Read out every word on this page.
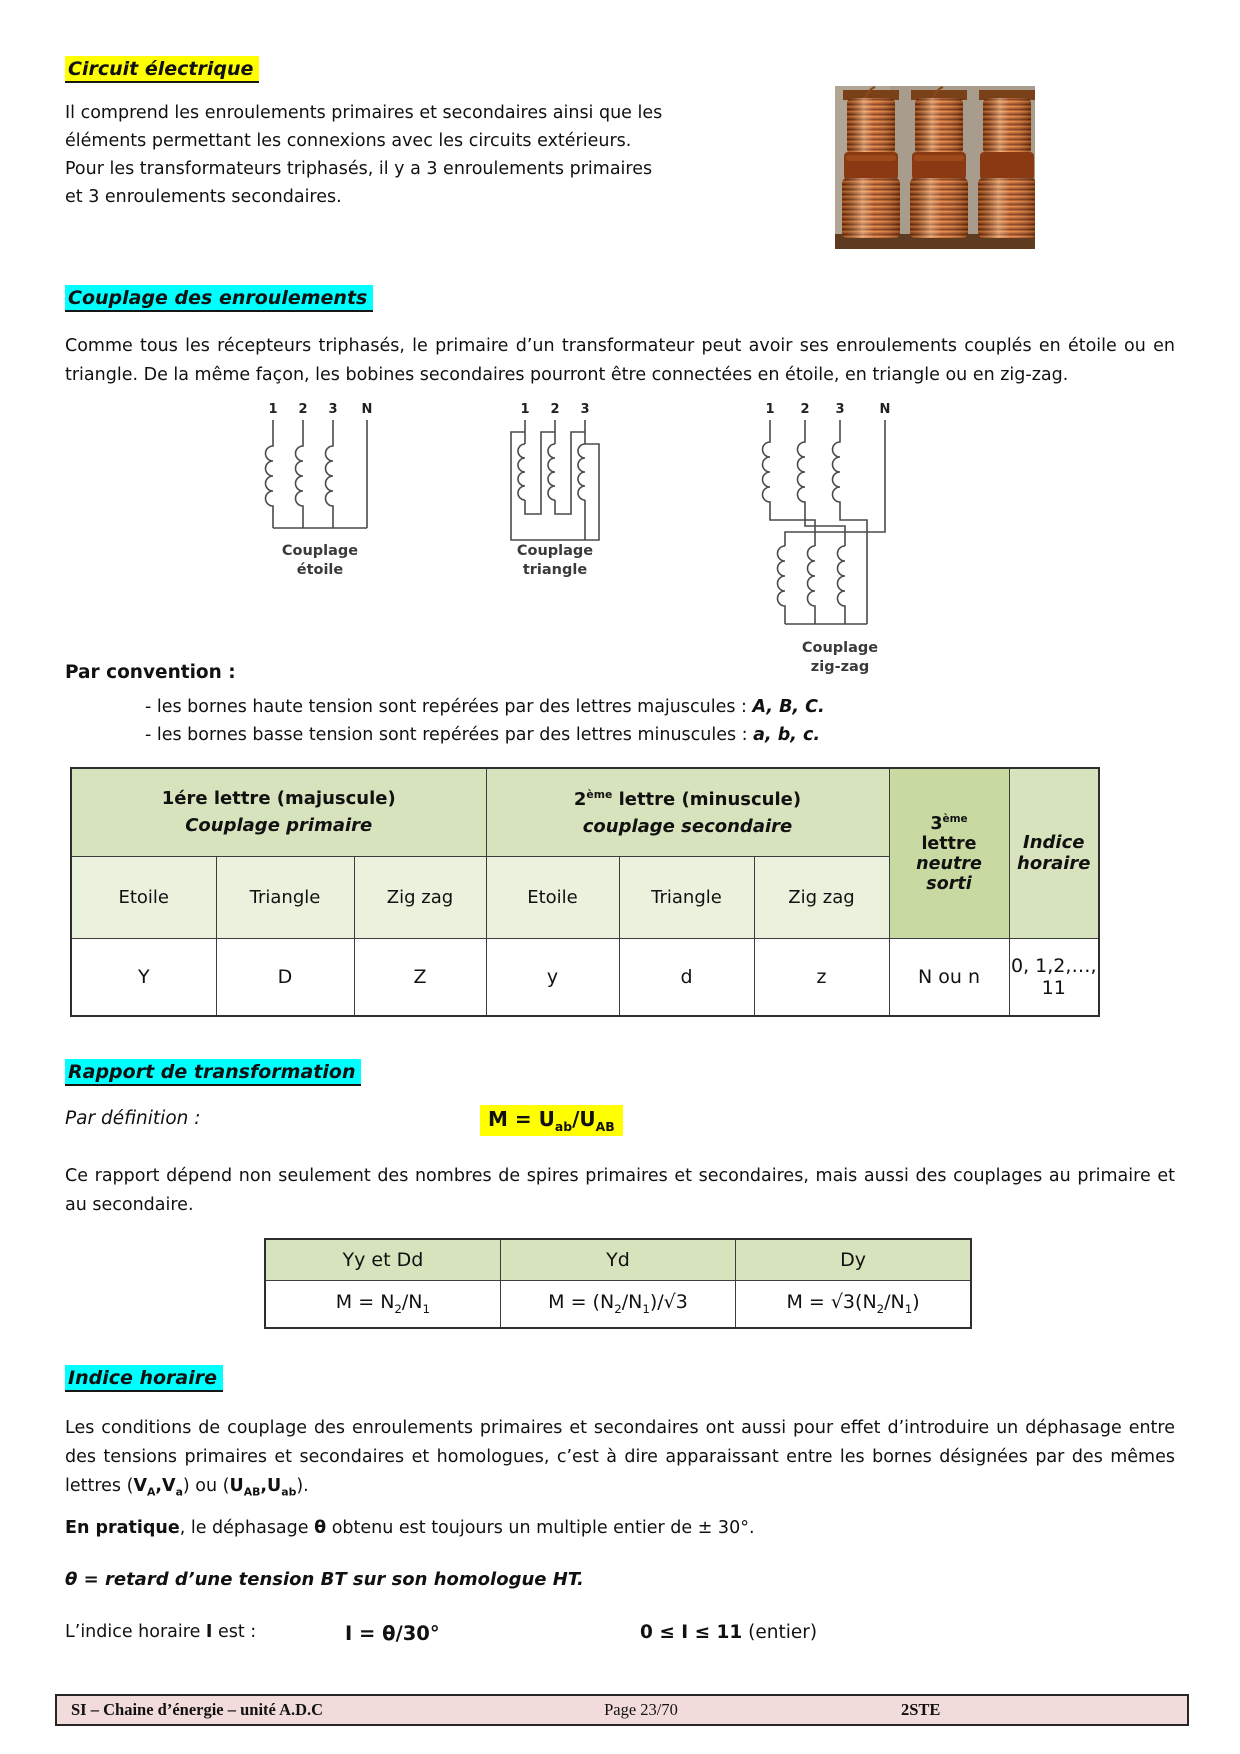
Circuit électrique
Il comprend les enroulements primaires et secondaires ainsi que les
éléments permettant les connexions avec les circuits extérieurs.
Pour les transformateurs triphasés, il y a 3 enroulements primaires
et 3 enroulements secondaires.
Couplage des enroulements
Comme tous les récepteurs triphasés, le primaire d’un transformateur peut avoir ses enroulements couplés en étoile ou en triangle. De la même façon, les bobines secondaires pourront être connectées en étoile, en triangle ou en zig-zag.
1 2 3 N
Couplage
étoile
1 2 3
Couplage
triangle
1 2 3	N
Couplage
zig-zag
Par convention :
- les bornes haute tension sont repérées par des lettres majuscules : A, B, C.
- les bornes basse tension sont repérées par des lettres minuscules : a, b, c.
1ére lettre (majuscule)
Couplage primaire

2ème lettre (minuscule)
couplage secondaire	3ème
lettre
neutre
sorti

Indice
horaire

Etoile	Triangle	Zig zag	Etoile	Triangle	Zig zag		
Y	D	Z	y	d	z	N ou n	0, 1,2,…, 11
Rapport de transformation
Par définition :	$M = U_{ab}/U_{AB}$
Ce rapport dépend non seulement des nombres de spires primaires et secondaires, mais aussi des couplages au primaire et au secondaire.
Yy et Dd	Yd	Dy
$M = N_2/N_1$	$M = (N_2/N_1)/√3$	$M = √3(N_2/N_1)$
Indice horaire
Les conditions de couplage des enroulements primaires et secondaires ont aussi pour effet d’introduire un déphasage entre des tensions primaires et secondaires et homologues, c’est à dire apparaissant entre les bornes désignées par des mêmes lettres $(V_A,V_a)$ ou $(U_{AB},U_{ab})$.
En pratique, le déphasage θ obtenu est toujours un multiple entier de ± 30°.
θ = retard d’une tension BT sur son homologue HT.
L’indice horaire I est :	I = θ/30°	0 ≤ I ≤ 11 (entier)
SI – Chaine d’énergie – unité A.D.C	Page 23/70	2STE
